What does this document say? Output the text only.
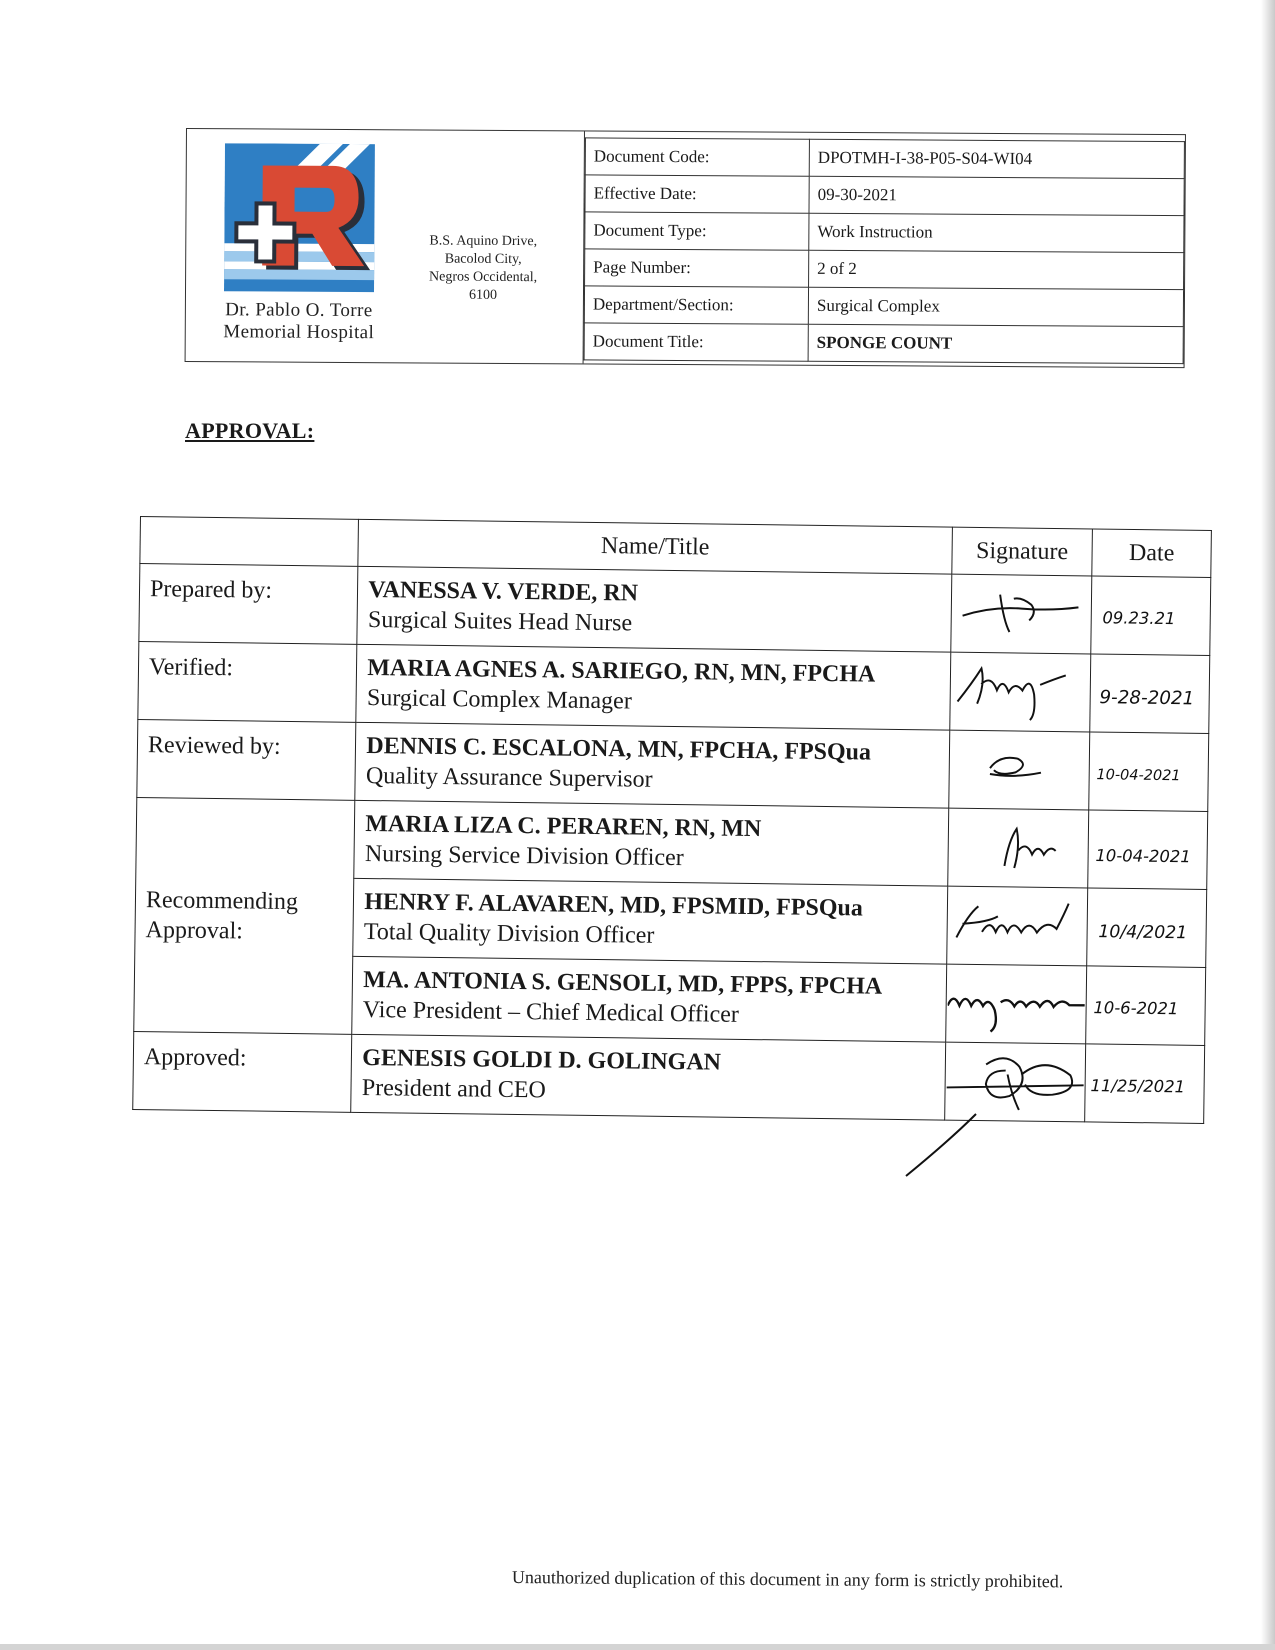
Dr. Pablo O. Torre
Memorial Hospital
B.S. Aquino Drive,
Bacolod City,
Negros Occidental,
6100
Document Code:	DPOTMH-I-38-P05-S04-WI04
Effective Date:	09-30-2021
Document Type:	Work Instruction
Page Number:	2 of 2
Department/Section:	Surgical Complex
Document Title:	SPONGE COUNT
APPROVAL:
	Name/Title	Signature	Date
Prepared by:	VANESSA V. VERDE, RN
Surgical Suites Head Nurse		09.23.21

Verified:	MARIA AGNES A. SARIEGO, RN, MN, FPCHA
Surgical Complex Manager		9-28-2021

Reviewed by:	DENNIS C. ESCALONA, MN, FPCHA, FPSQua
Quality Assurance Supervisor		10-04-2021

Recommending Approval:	MARIA LIZA C. PERAREN, RN, MN
Nursing Service Division Officer		10-04-2021

	HENRY F. ALAVAREN, MD, FPSMID, FPSQua
Total Quality Division Officer		10/4/2021

	MA. ANTONIA S. GENSOLI, MD, FPPS, FPCHA
Vice President – Chief Medical Officer		10-6-2021

Approved:	GENESIS GOLDI D. GOLINGAN
President and CEO		11/25/2021
Unauthorized duplication of this document in any form is strictly prohibited.
